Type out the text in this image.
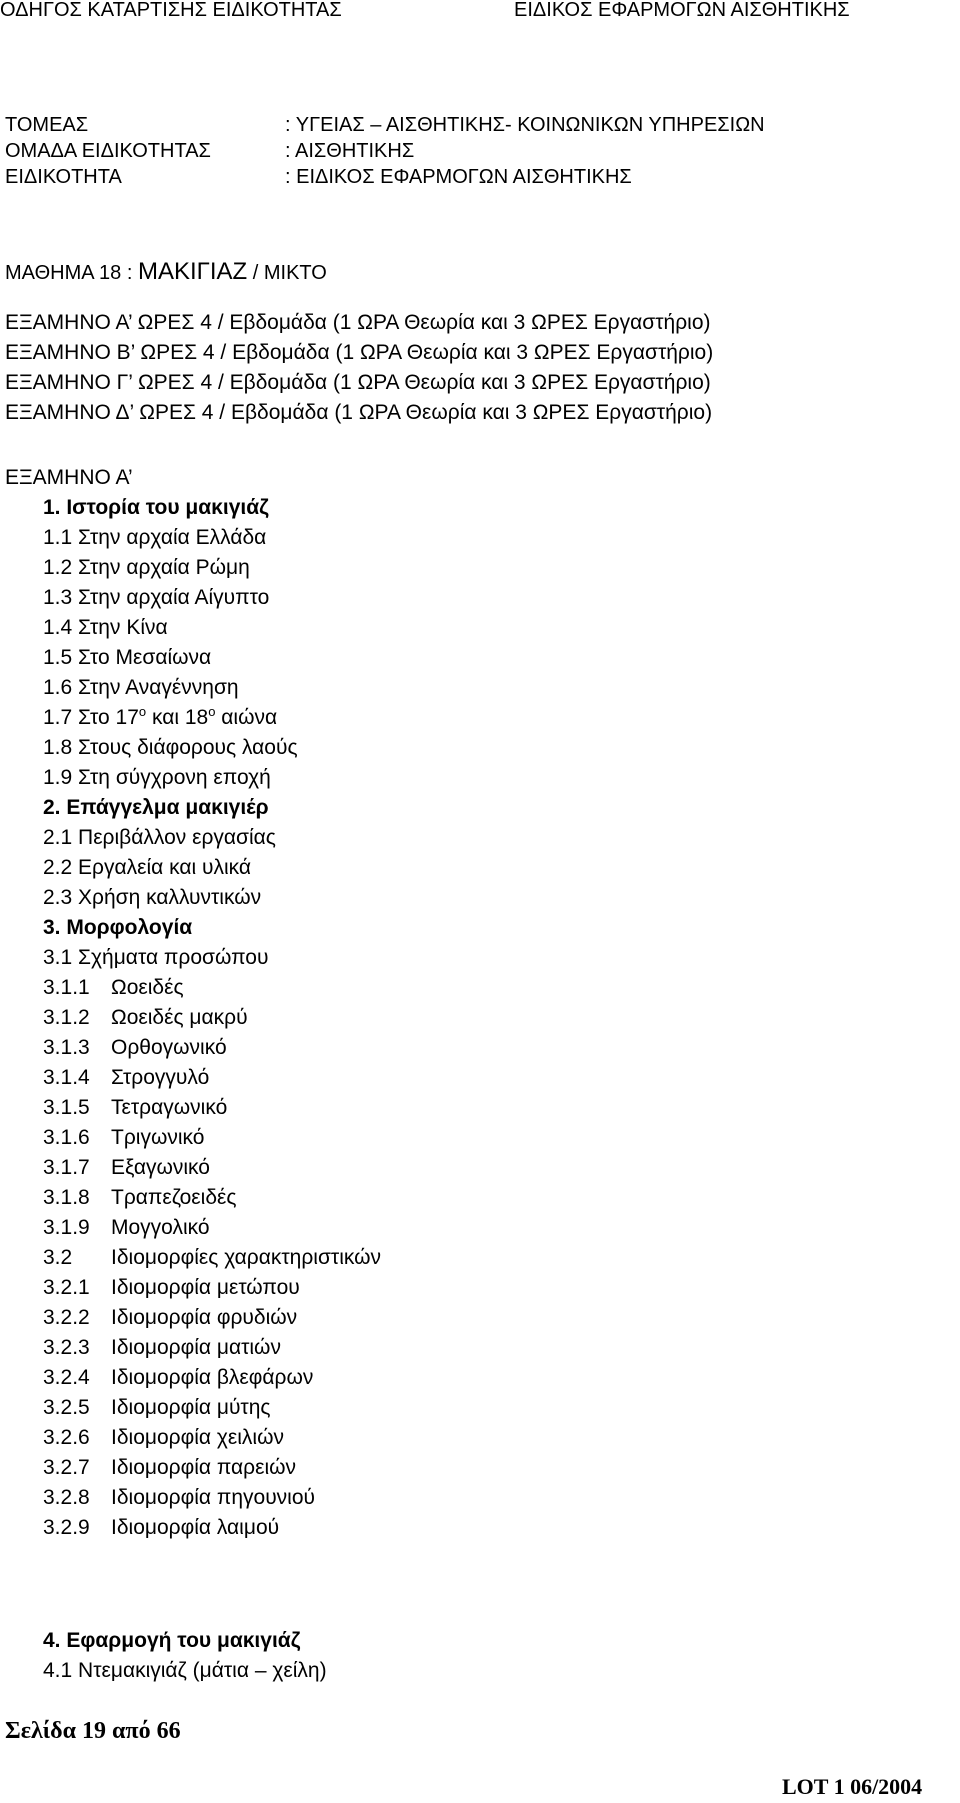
ΟΔΗΓΟΣ ΚΑΤΑΡΤΙΣΗΣ ΕΙΔΙΚΟΤΗΤΑΣ	ΕΙΔΙΚΟΣ ΕΦΑΡΜΟΓΩΝ ΑΙΣΘΗΤΙΚΗΣ
ΤΟΜΕΑΣ	: ΥΓΕΙΑΣ – ΑΙΣΘΗΤΙΚΗΣ- ΚΟΙΝΩΝΙΚΩΝ ΥΠΗΡΕΣΙΩΝ
ΟΜΑΔΑ ΕΙΔΙΚΟΤΗΤΑΣ	: ΑΙΣΘΗΤΙΚΗΣ
ΕΙΔΙΚΟΤΗΤΑ	: ΕΙΔΙΚΟΣ ΕΦΑΡΜΟΓΩΝ ΑΙΣΘΗΤΙΚΗΣ
ΜΑΘΗΜΑ 18 : ΜΑΚΙΓΙΑΖ / ΜΙΚΤΟ
ΕΞΑΜΗΝΟ Α’ ΩΡΕΣ 4 / Εβδομάδα (1 ΩΡΑ Θεωρία και 3 ΩΡΕΣ Εργαστήριο)
ΕΞΑΜΗΝΟ Β’ ΩΡΕΣ 4 / Εβδομάδα (1 ΩΡΑ Θεωρία και 3 ΩΡΕΣ Εργαστήριο)
ΕΞΑΜΗΝΟ Γ’ ΩΡΕΣ 4 / Εβδομάδα (1 ΩΡΑ Θεωρία και 3 ΩΡΕΣ Εργαστήριο)
ΕΞΑΜΗΝΟ Δ’ ΩΡΕΣ 4 / Εβδομάδα (1 ΩΡΑ Θεωρία και 3 ΩΡΕΣ Εργαστήριο)
ΕΞΑΜΗΝΟ Α’
1. Ιστορία του μακιγιάζ
1.1 Στην αρχαία Ελλάδα
1.2 Στην αρχαία Ρώμη
1.3 Στην αρχαία Αίγυπτο
1.4 Στην Κίνα
1.5 Στο Μεσαίωνα
1.6 Στην Αναγέννηση
1.7 Στο $17^o$ και $18^o$ αιώνα
1.8 Στους διάφορους λαούς
1.9 Στη σύγχρονη εποχή
2. Επάγγελμα μακιγιέρ
2.1 Περιβάλλον εργασίας
2.2 Εργαλεία και υλικά
2.3 Χρήση καλλυντικών
3. Μορφολογία
3.1 Σχήματα προσώπου
3.1.1 Ωοειδές
3.1.2 Ωοειδές μακρύ
3.1.3 Ορθογωνικό
3.1.4 Στρογγυλό
3.1.5 Τετραγωνικό
3.1.6 Τριγωνικό
3.1.7 Εξαγωνικό
3.1.8 Τραπεζοειδές
3.1.9 Μογγολικό
3.2 Ιδιομορφίες χαρακτηριστικών
3.2.1 Ιδιομορφία μετώπου
3.2.2 Ιδιομορφία φρυδιών
3.2.3 Ιδιομορφία ματιών
3.2.4 Ιδιομορφία βλεφάρων
3.2.5 Ιδιομορφία μύτης
3.2.6 Ιδιομορφία χειλιών
3.2.7 Ιδιομορφία παρειών
3.2.8 Ιδιομορφία πηγουνιού
3.2.9 Ιδιομορφία λαιμού
4. Εφαρμογή του μακιγιάζ
4.1 Ντεμακιγιάζ (μάτια – χείλη)
Σελίδα 19 από 66
LOT 1 06/2004
